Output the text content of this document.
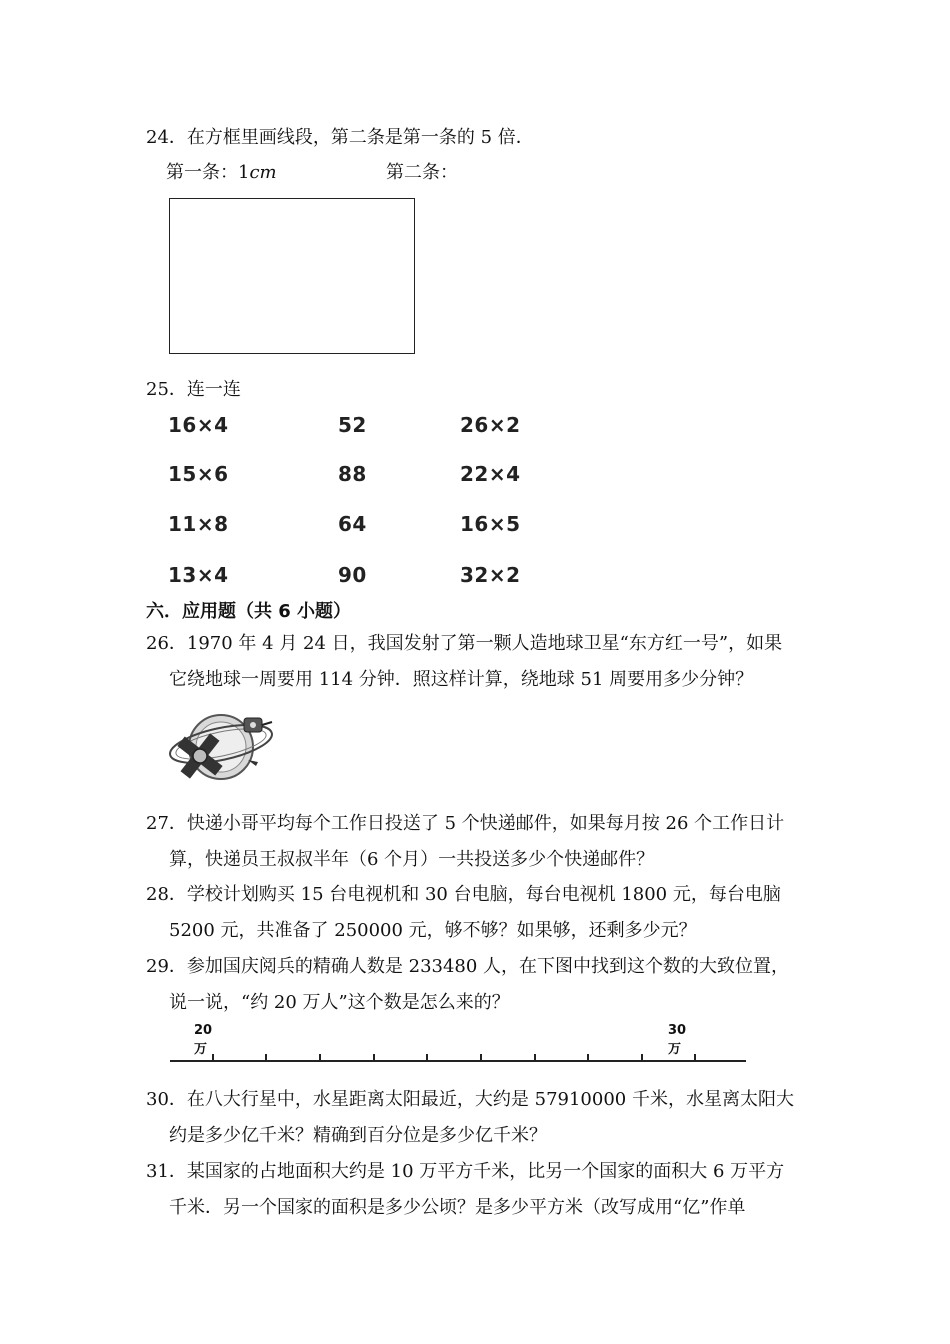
24．在方框里画线段，第二条是第一条的 5 倍．
第一条：1cm	第二条：
25．连一连
16×4
15×6
11×8
13×4
52
88
64
90
26×2
22×4
16×5
32×2
六．应用题（共 6 小题）
26．1970 年 4 月 24 日，我国发射了第一颗人造地球卫星“东方红一号”，如果
它绕地球一周要用 114 分钟．照这样计算，绕地球 51 周要用多少分钟？
27．快递小哥平均每个工作日投送了 5 个快递邮件，如果每月按 26 个工作日计
算，快递员王叔叔半年（6 个月）一共投送多少个快递邮件？
28．学校计划购买 15 台电视机和 30 台电脑，每台电视机 1800 元，每台电脑
5200 元，共准备了 250000 元，够不够？如果够，还剩多少元？
29．参加国庆阅兵的精确人数是 233480 人，在下图中找到这个数的大致位置，
说一说，“约 20 万人”这个数是怎么来的？
20万
30万
30．在八大行星中，水星距离太阳最近，大约是 57910000 千米，水星离太阳大
约是多少亿千米？精确到百分位是多少亿千米？
31．某国家的占地面积大约是 10 万平方千米，比另一个国家的面积大 6 万平方
千米．另一个国家的面积是多少公顷？是多少平方米（改写成用“亿”作单
